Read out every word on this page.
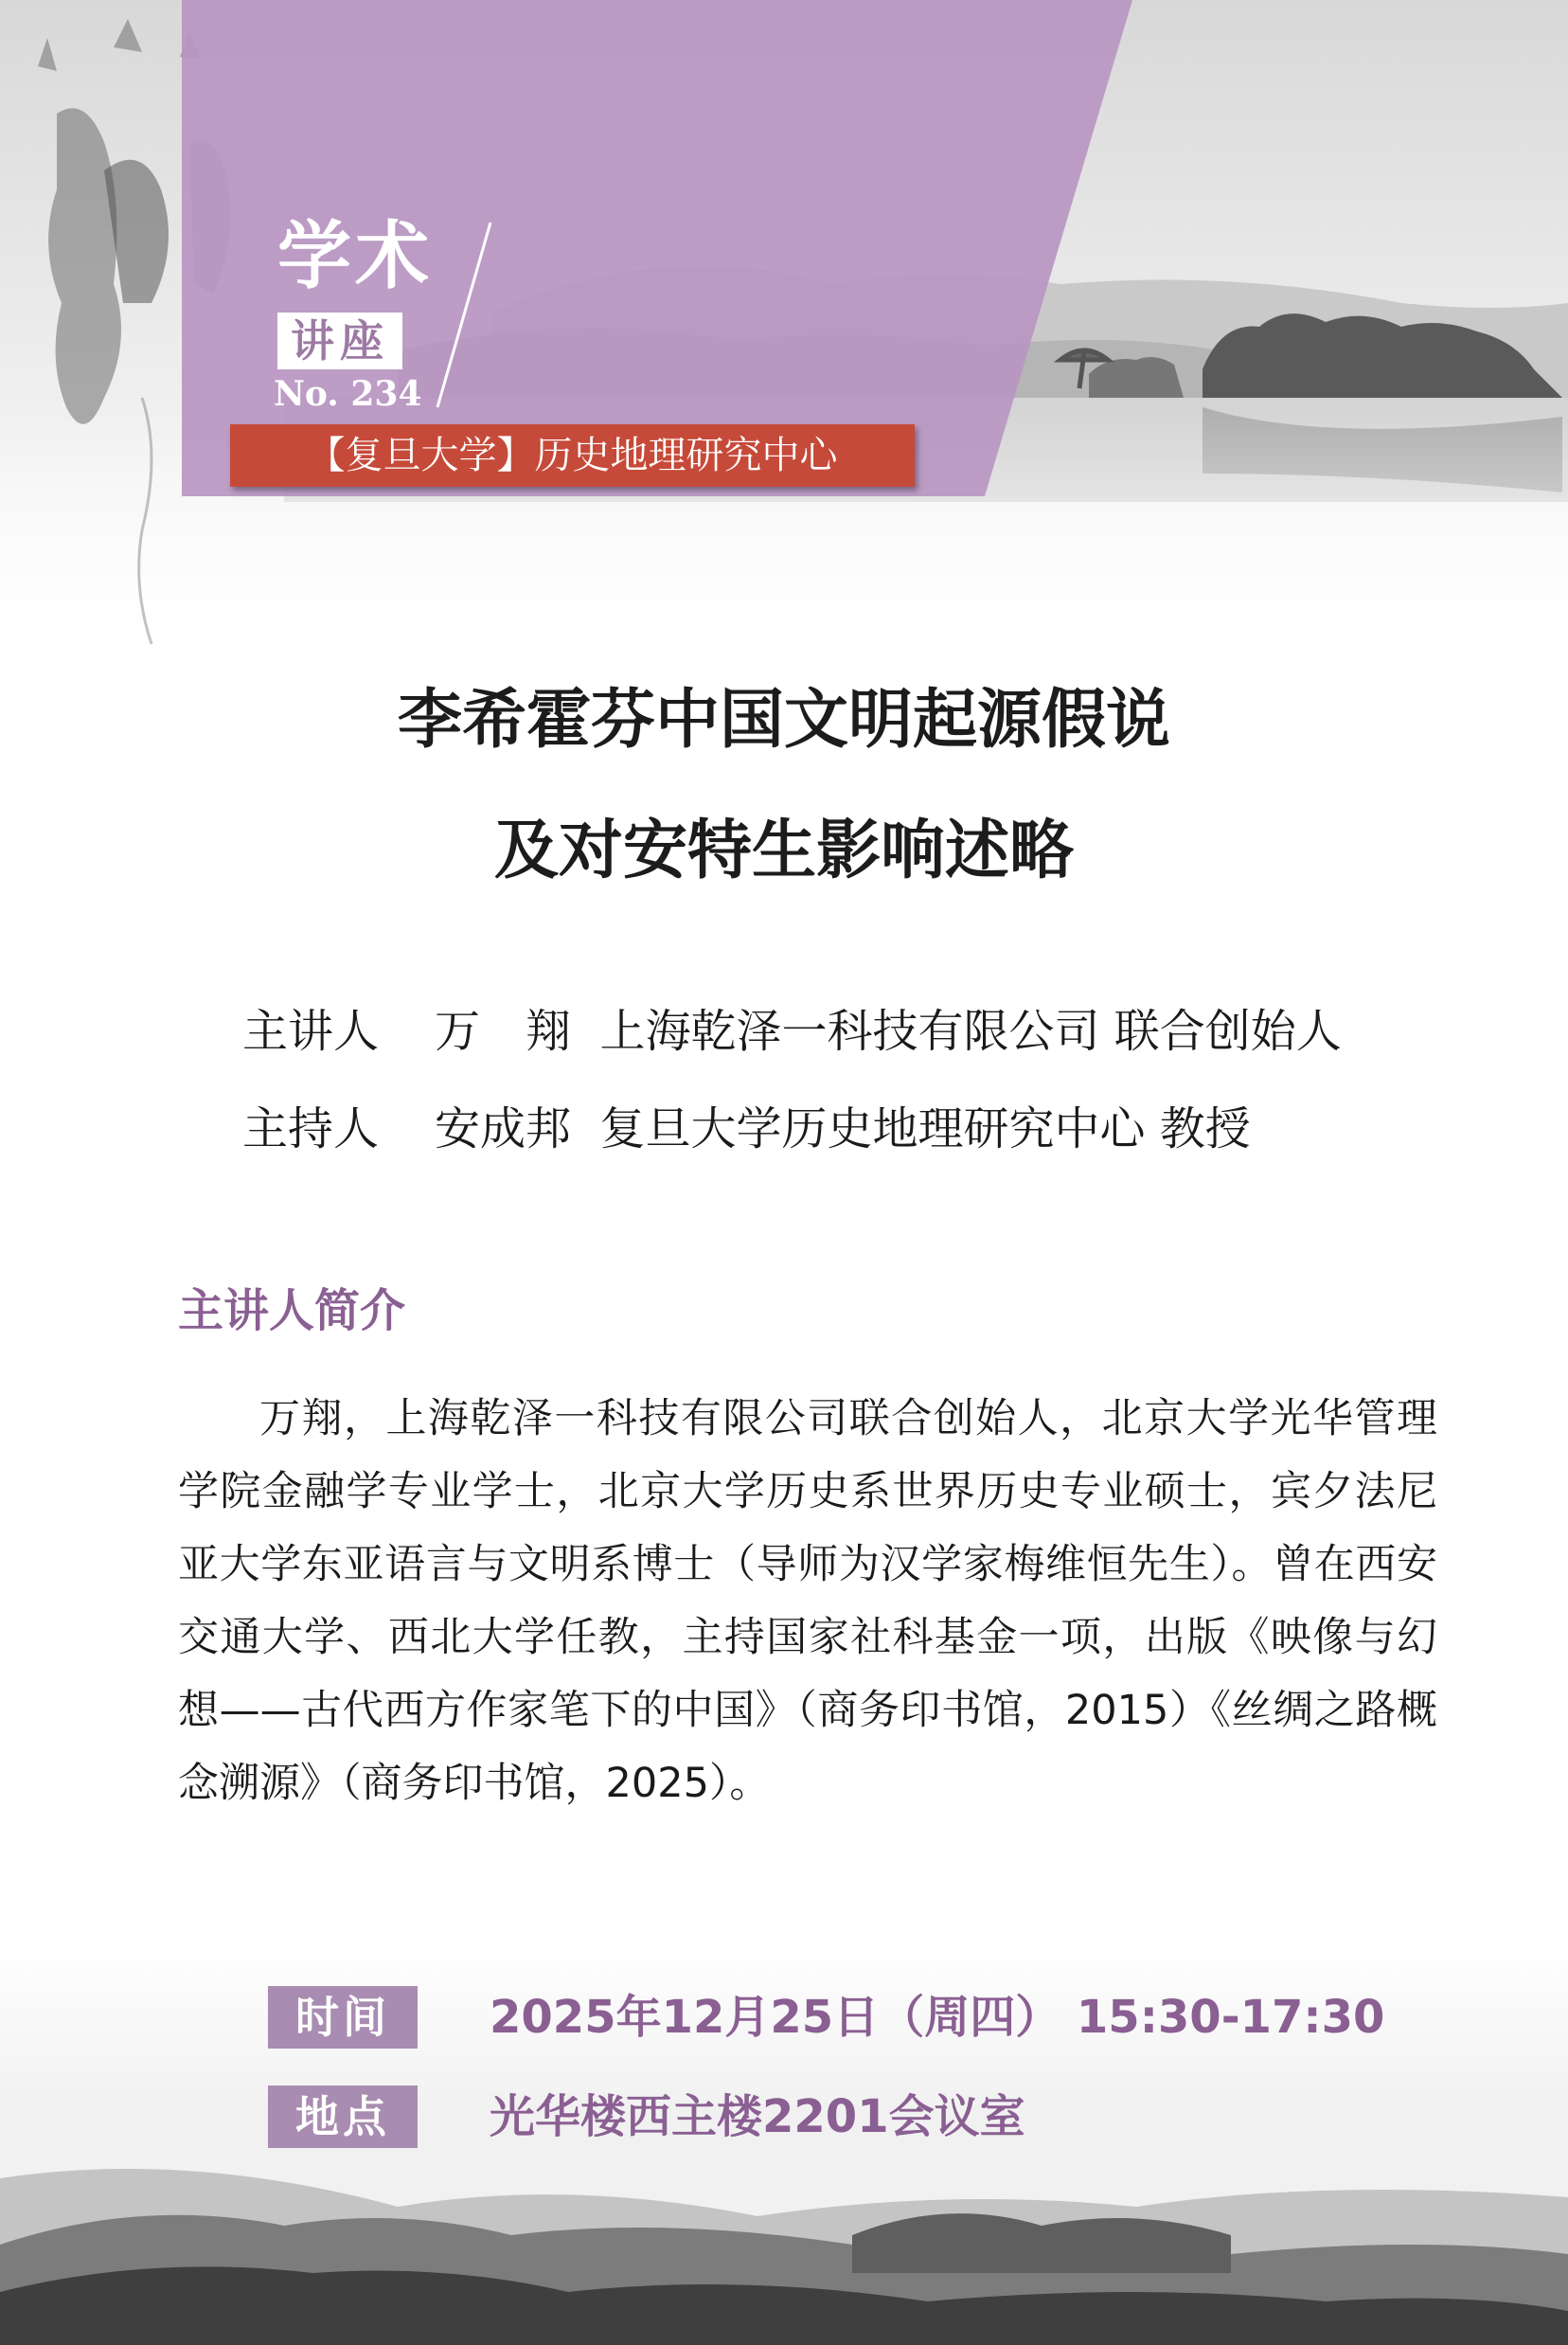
学术
讲座
No. 234
【复旦大学】历史地理研究中心
李希霍芬中国文明起源假说
及对安特生影响述略
主讲人 万　翔 上海乾泽一科技有限公司 联合创始人
主持人 安成邦 复旦大学历史地理研究中心 教授
主讲人简介

万翔，上海乾泽一科技有限公司联合创始人，北京大学光华管理学院金融学专业学士，北京大学历史系世界历史专业硕士，宾夕法尼亚大学东亚语言与文明系博士（导师为汉学家梅维恒先生）。曾在西安交通大学、西北大学任教，主持国家社科基金一项，出版《映像与幻想——古代西方作家笔下的中国》（商务印书馆，2015）《丝绸之路概念溯源》（商务印书馆，2025）。

时间	2025年12月25日（周四） 15:30-17:30
地点	光华楼西主楼2201会议室
